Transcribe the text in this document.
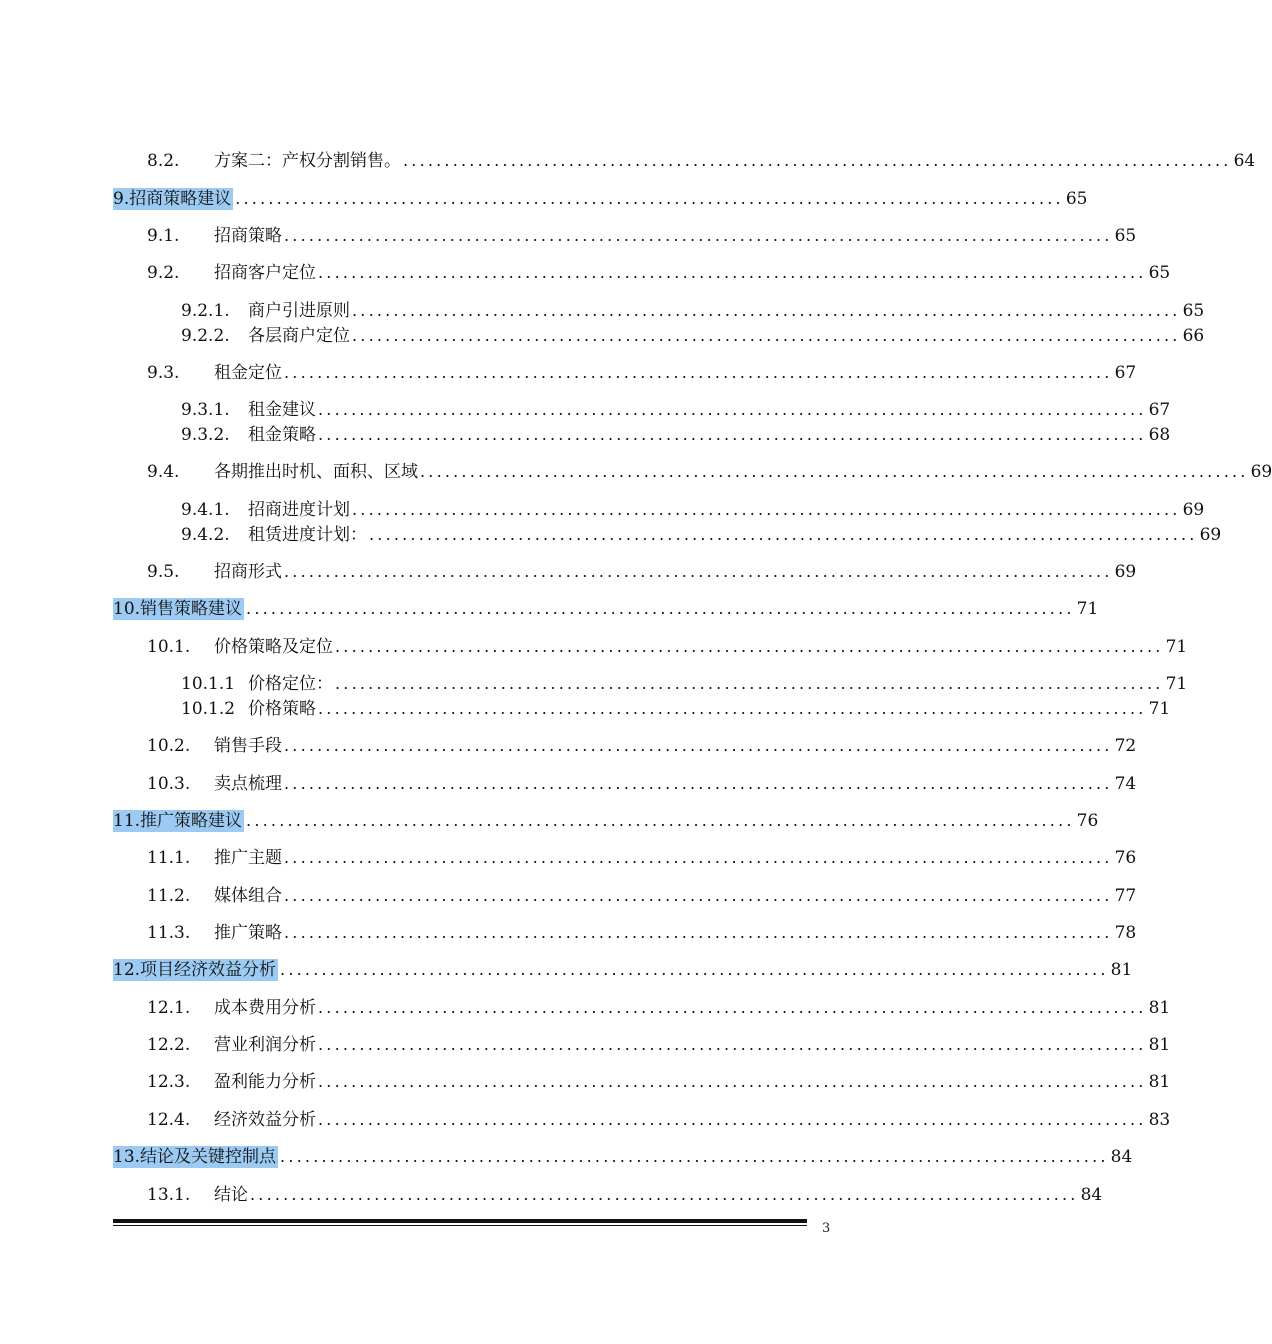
8.2.	方案二：产权分割销售。 .................................................................................................... 64
9. 招商策略建议 .................................................................................................... 65
9.1.	招商策略 .................................................................................................... 65
9.2.	招商客户定位 .................................................................................................... 65
9.2.1.	商户引进原则 .................................................................................................... 65
9.2.2.	各层商户定位 .................................................................................................... 66
9.3.	租金定位 .................................................................................................... 67
9.3.1.	租金建议 .................................................................................................... 67
9.3.2.	租金策略 .................................................................................................... 68
9.4.	各期推出时机、面积、区域 .................................................................................................... 69
9.4.1.	招商进度计划 .................................................................................................... 69
9.4.2.	租赁进度计划： .................................................................................................... 69
9.5.	招商形式 .................................................................................................... 69
10. 销售策略建议 .................................................................................................... 71
10.1.	价格策略及定位 .................................................................................................... 71
10.1.1 价格定位： .................................................................................................... 71
10.1.2 价格策略 .................................................................................................... 71
10.2.	销售手段 .................................................................................................... 72
10.3.	卖点梳理 .................................................................................................... 74
11. 推广策略建议 .................................................................................................... 76
11.1.	推广主题 .................................................................................................... 76
11.2.	媒体组合 .................................................................................................... 77
11.3.	推广策略 .................................................................................................... 78
12. 项目经济效益分析 .................................................................................................... 81
12.1.	成本费用分析 .................................................................................................... 81
12.2.	营业利润分析 .................................................................................................... 81
12.3.	盈利能力分析 .................................................................................................... 81
12.4.	经济效益分析 .................................................................................................... 83
13. 结论及关键控制点 .................................................................................................... 84
13.1.	结论 .................................................................................................... 84
3
